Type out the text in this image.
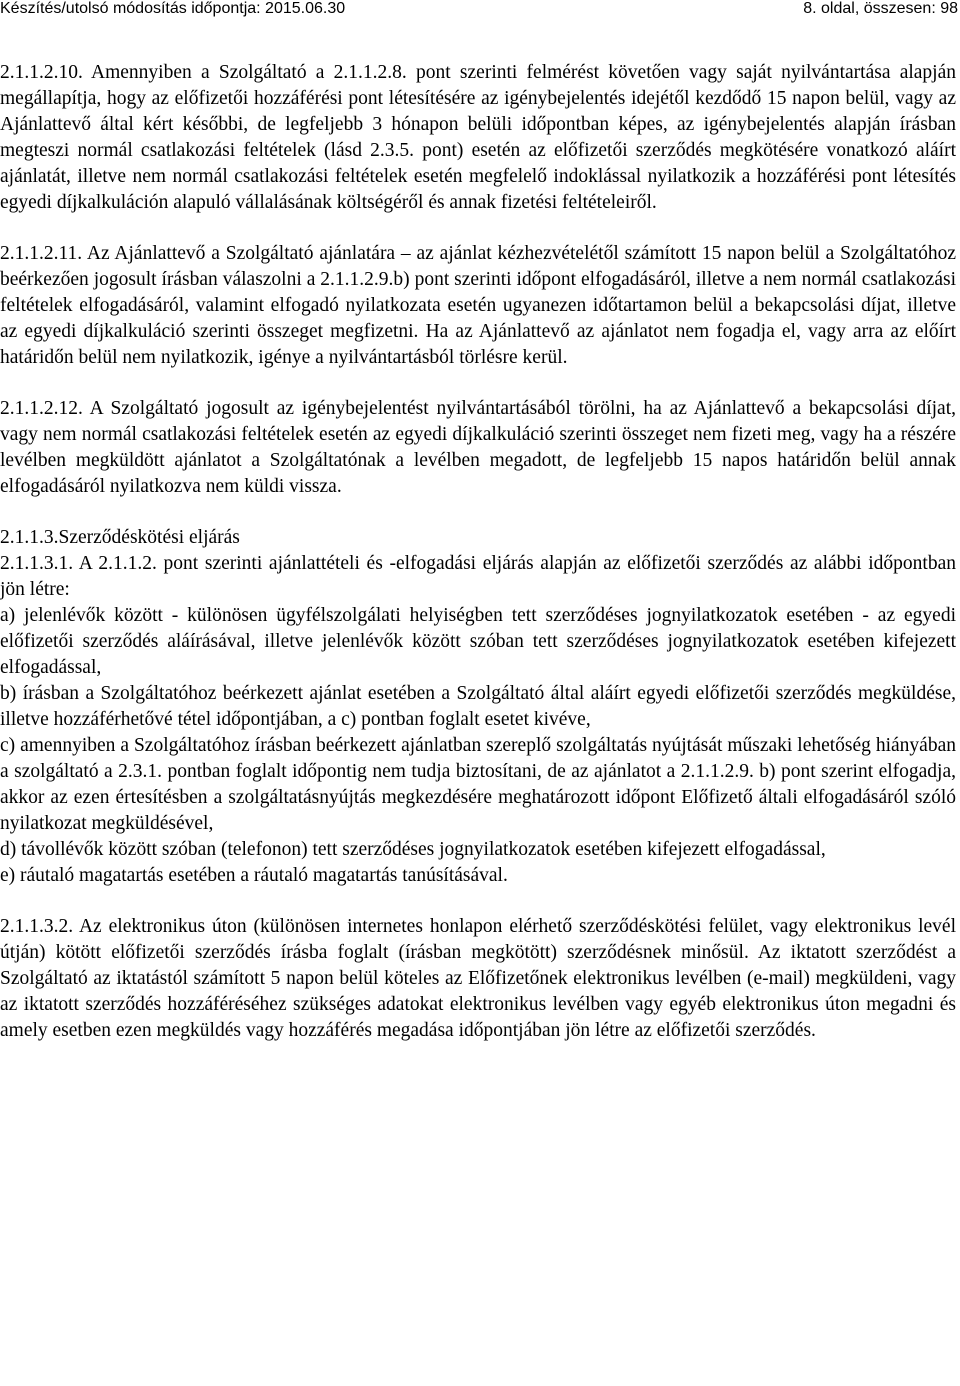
Készítés/utolsó módosítás időpontja: 2015.06.30	8. oldal, összesen: 98

2.1.1.2.10. Amennyiben a Szolgáltató a 2.1.1.2.8. pont szerinti felmérést követően vagy saját nyilvántartása alapján megállapítja, hogy az előfizetői hozzáférési pont létesítésére az igénybejelentés idejétől kezdődő 15 napon belül, vagy az Ajánlattevő által kért későbbi, de legfeljebb 3 hónapon belüli időpontban képes, az igénybejelentés alapján írásban megteszi normál csatlakozási feltételek (lásd 2.3.5. pont) esetén az előfizetői szerződés megkötésére vonatkozó aláírt ajánlatát, illetve nem normál csatlakozási feltételek esetén megfelelő indoklással nyilatkozik a hozzáférési pont létesítés egyedi díjkalkuláción alapuló vállalásának költségéről és annak fizetési feltételeiről.

2.1.1.2.11. Az Ajánlattevő a Szolgáltató ajánlatára – az ajánlat kézhezvételétől számított 15 napon belül a Szolgáltatóhoz beérkezően jogosult írásban válaszolni a 2.1.1.2.9.b) pont szerinti időpont elfogadásáról, illetve a nem normál csatlakozási feltételek elfogadásáról, valamint elfogadó nyilatkozata esetén ugyanezen időtartamon belül a bekapcsolási díjat, illetve az egyedi díjkalkuláció szerinti összeget megfizetni. Ha az Ajánlattevő az ajánlatot nem fogadja el, vagy arra az előírt határidőn belül nem nyilatkozik, igénye a nyilvántartásból törlésre kerül.

2.1.1.2.12. A Szolgáltató jogosult az igénybejelentést nyilvántartásából törölni, ha az Ajánlattevő a bekapcsolási díjat, vagy nem normál csatlakozási feltételek esetén az egyedi díjkalkuláció szerinti összeget nem fizeti meg, vagy ha a részére levélben megküldött ajánlatot a Szolgáltatónak a levélben megadott, de legfeljebb 15 napos határidőn belül annak elfogadásáról nyilatkozva nem küldi vissza.

2.1.1.3.Szerződéskötési eljárás

2.1.1.3.1. A 2.1.1.2. pont szerinti ajánlattételi és -elfogadási eljárás alapján az előfizetői szerződés az alábbi időpontban jön létre:

a) jelenlévők között - különösen ügyfélszolgálati helyiségben tett szerződéses jognyilatkozatok esetében - az egyedi előfizetői szerződés aláírásával, illetve jelenlévők között szóban tett szerződéses jognyilatkozatok esetében kifejezett elfogadással,

b) írásban a Szolgáltatóhoz beérkezett ajánlat esetében a Szolgáltató által aláírt egyedi előfizetői szerződés megküldése, illetve hozzáférhetővé tétel időpontjában, a c) pontban foglalt esetet kivéve,

c) amennyiben a Szolgáltatóhoz írásban beérkezett ajánlatban szereplő szolgáltatás nyújtását műszaki lehetőség hiányában a szolgáltató a 2.3.1. pontban foglalt időpontig nem tudja biztosítani, de az ajánlatot a 2.1.1.2.9. b) pont szerint elfogadja, akkor az ezen értesítésben a szolgáltatásnyújtás megkezdésére meghatározott időpont Előfizető általi elfogadásáról szóló nyilatkozat megküldésével,

d) távollévők között szóban (telefonon) tett szerződéses jognyilatkozatok esetében kifejezett elfogadással,

e) ráutaló magatartás esetében a ráutaló magatartás tanúsításával.

2.1.1.3.2. Az elektronikus úton (különösen internetes honlapon elérhető szerződéskötési felület, vagy elektronikus levél útján) kötött előfizetői szerződés írásba foglalt (írásban megkötött) szerződésnek minősül. Az iktatott szerződést a Szolgáltató az iktatástól számított 5 napon belül köteles az Előfizetőnek elektronikus levélben (e-mail) megküldeni, vagy az iktatott szerződés hozzáféréséhez szükséges adatokat elektronikus levélben vagy egyéb elektronikus úton megadni és amely esetben ezen megküldés vagy hozzáférés megadása időpontjában jön létre az előfizetői szerződés.
